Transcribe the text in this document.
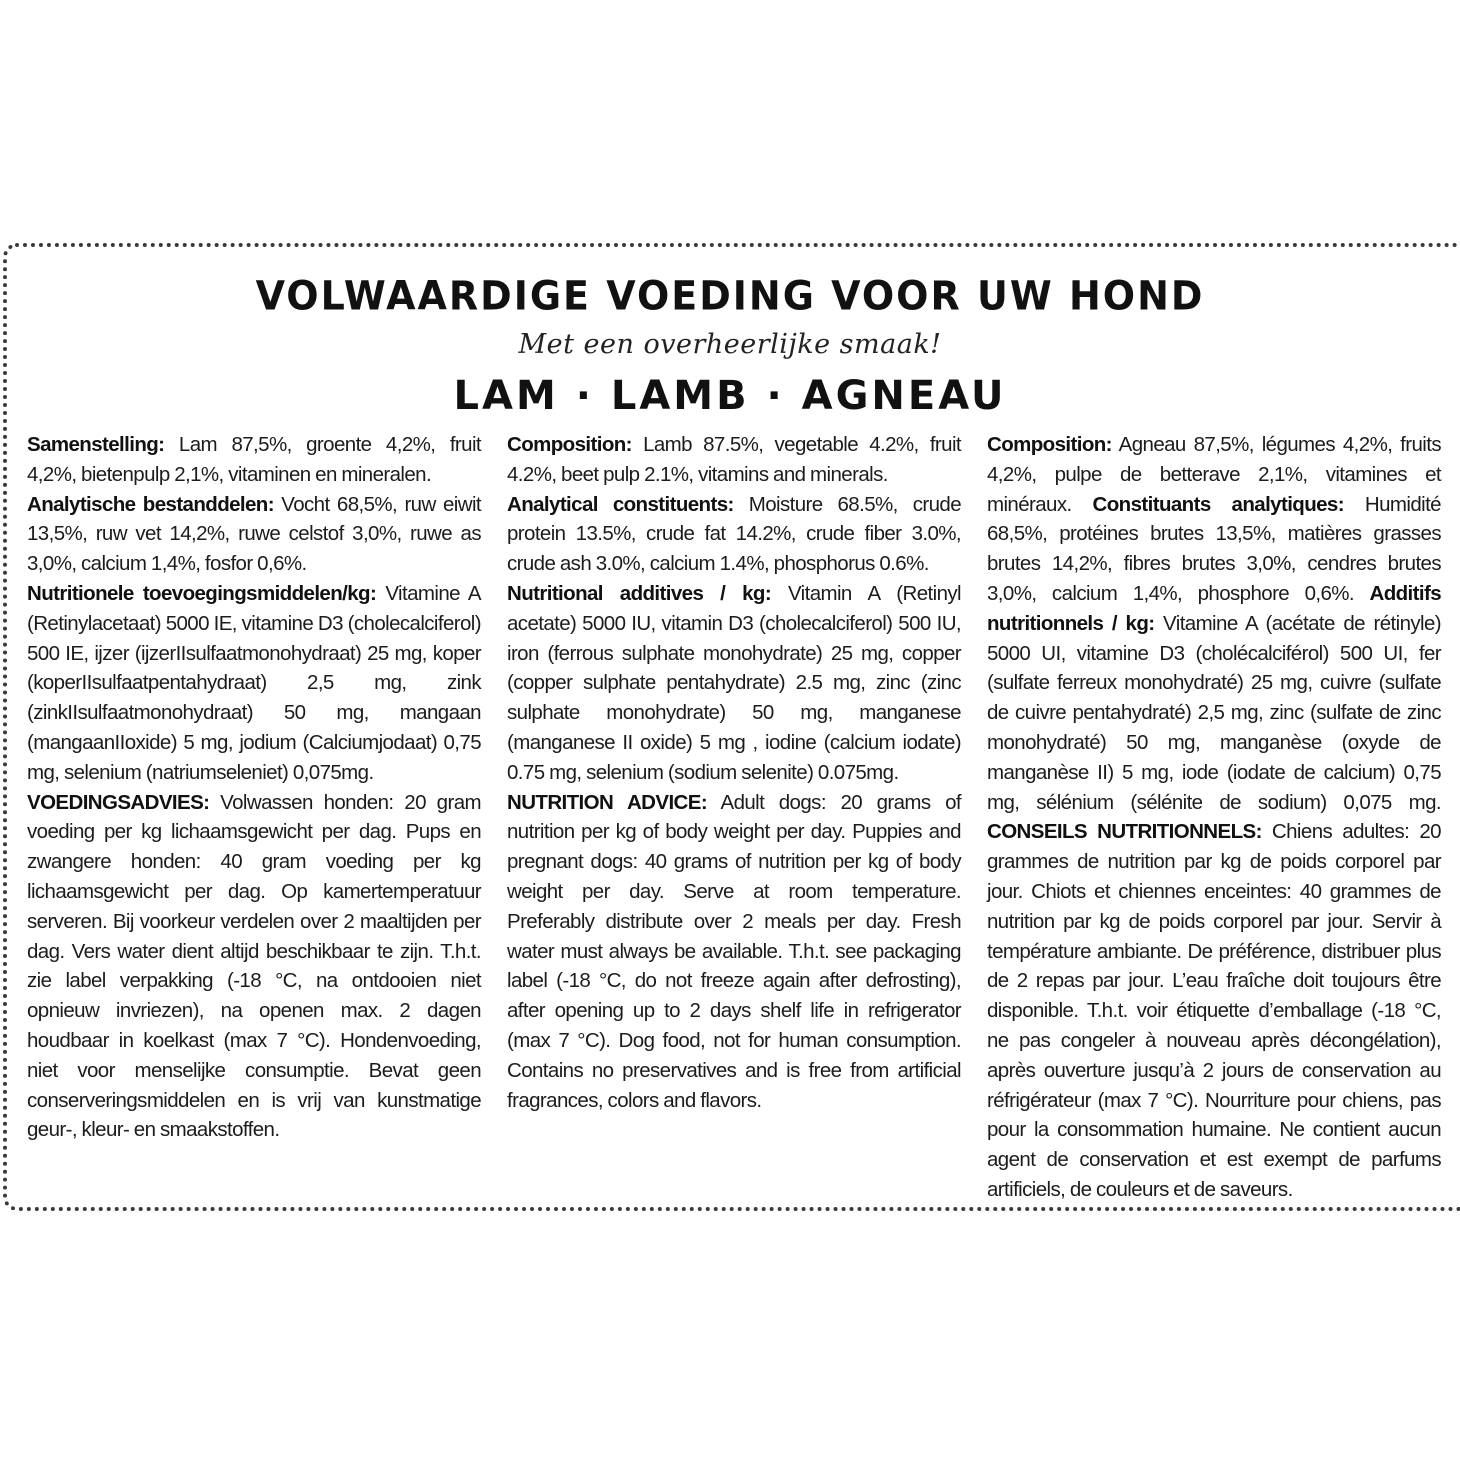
VOLWAARDIGE VOEDING VOOR UW HOND
Met een overheerlijke smaak!
LAM · LAMB · AGNEAU

Samenstelling: Lam 87,5%, groente 4,2%, fruit 4,2%, bietenpulp 2,1%, vitaminen en mineralen.

Analytische bestanddelen: Vocht 68,5%, ruw eiwit 13,5%, ruw vet 14,2%, ruwe celstof 3,0%, ruwe as 3,0%, calcium 1,4%, fosfor 0,6%.

Nutritionele toevoegingsmiddelen/kg: Vitamine A (Retinylacetaat) 5000 IE, vitamine D3 (cholecalciferol) 500 IE, ijzer (ijzerIIsulfaatmonohydraat) 25 mg, koper (koperIIsulfaatpentahydraat) 2,5 mg, zink (zinkIIsulfaatmonohydraat) 50 mg, mangaan (mangaanIIoxide) 5 mg, jodium (Calciumjodaat) 0,75 mg, selenium (natriumseleniet) 0,075mg.

VOEDINGSADVIES: Volwassen honden: 20 gram voeding per kg lichaamsgewicht per dag. Pups en zwangere honden: 40 gram voeding per kg lichaamsgewicht per dag. Op kamertemperatuur serveren. Bij voorkeur verdelen over 2 maaltijden per dag. Vers water dient altijd beschikbaar te zijn. T.h.t. zie label verpakking (-18 °C, na ontdooien niet opnieuw invriezen), na openen max. 2 dagen houdbaar in koelkast (max 7 °C). Hondenvoeding, niet voor menselijke consumptie. Bevat geen conserveringsmiddelen en is vrij van kunstmatige geur-, kleur- en smaakstoffen.

Composition: Lamb 87.5%, vegetable 4.2%, fruit 4.2%, beet pulp 2.1%, vitamins and minerals.

Analytical constituents: Moisture 68.5%, crude protein 13.5%, crude fat 14.2%, crude fiber 3.0%, crude ash 3.0%, calcium 1.4%, phosphorus 0.6%.

Nutritional additives / kg: Vitamin A (Retinyl acetate) 5000 IU, vitamin D3 (cholecalciferol) 500 IU, iron (ferrous sulphate monohydrate) 25 mg, copper (copper sulphate pentahydrate) 2.5 mg, zinc (zinc sulphate monohydrate) 50 mg, manganese (manganese II oxide) 5 mg , iodine (calcium iodate) 0.75 mg, selenium (sodium selenite) 0.075mg.

NUTRITION ADVICE: Adult dogs: 20 grams of nutrition per kg of body weight per day. Puppies and pregnant dogs: 40 grams of nutrition per kg of body weight per day. Serve at room temperature. Preferably distribute over 2 meals per day. Fresh water must always be available. T.h.t. see packaging label (-18 °C, do not freeze again after defrosting), after opening up to 2 days shelf life in refrigerator (max 7 °C). Dog food, not for human consumption. Contains no preservatives and is free from artificial fragrances, colors and flavors.

Composition: Agneau 87,5%, légumes 4,2%, fruits 4,2%, pulpe de betterave 2,1%, vitamines et minéraux. Constituants analytiques: Humidité 68,5%, protéines brutes 13,5%, matières grasses brutes 14,2%, fibres brutes 3,0%, cendres brutes 3,0%, calcium 1,4%, phosphore 0,6%. Additifs nutritionnels / kg: Vitamine A (acétate de rétinyle) 5000 UI, vitamine D3 (cholécalciférol) 500 UI, fer (sulfate ferreux monohydraté) 25 mg, cuivre (sulfate de cuivre pentahydraté) 2,5 mg, zinc (sulfate de zinc monohydraté) 50 mg, manganèse (oxyde de manganèse II) 5 mg, iode (iodate de calcium) 0,75 mg, sélénium (sélénite de sodium) 0,075 mg. CONSEILS NUTRITIONNELS: Chiens adultes: 20 grammes de nutrition par kg de poids corporel par jour. Chiots et chiennes enceintes: 40 grammes de nutrition par kg de poids corporel par jour. Servir à température ambiante. De préférence, distribuer plus de 2 repas par jour. L’eau fraîche doit toujours être disponible. T.h.t. voir étiquette d’emballage (-18 °C, ne pas congeler à nouveau après décongélation), après ouverture jusqu’à 2 jours de conservation au réfrigérateur (max 7 °C). Nourriture pour chiens, pas pour la consommation humaine. Ne contient aucun agent de conservation et est exempt de parfums artificiels, de couleurs et de saveurs.
